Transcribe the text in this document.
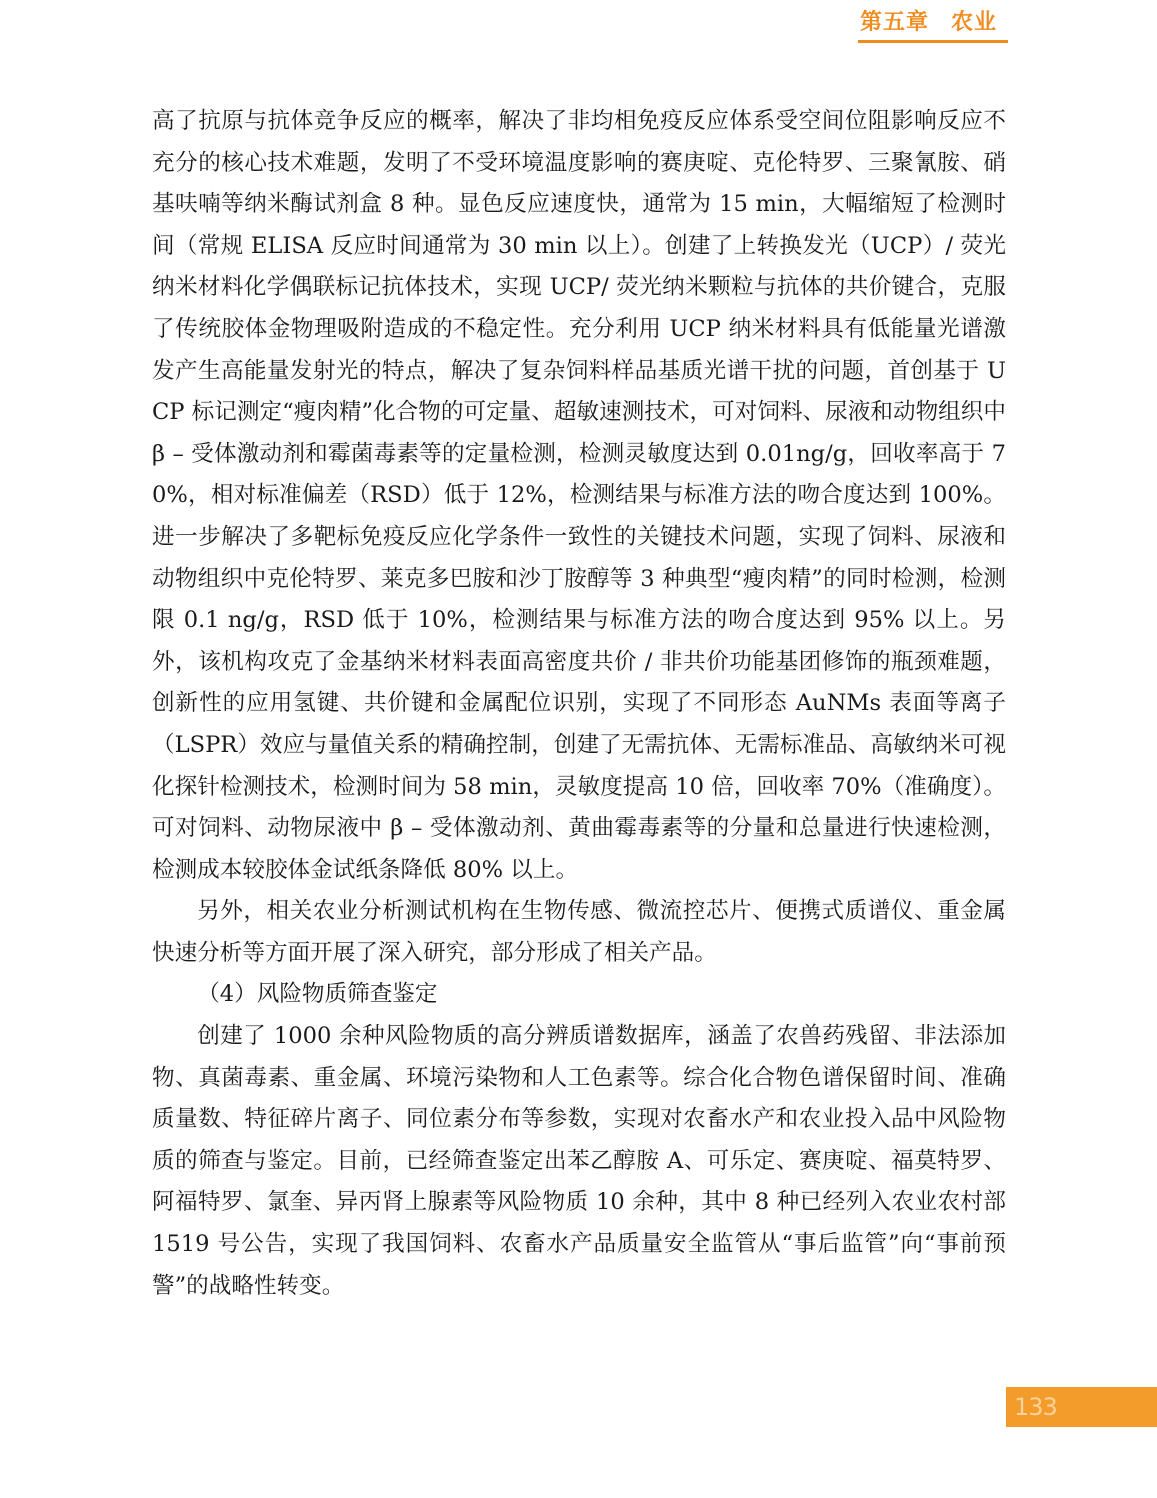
第五章 农业

高了抗原与抗体竞争反应的概率，解决了非均相免疫反应体系受空间位阻影响反应不充分的核心技术难题，发明了不受环境温度影响的赛庚啶、克伦特罗、三聚氰胺、硝基呋喃等纳米酶试剂盒 8 种。显色反应速度快，通常为 15 min，大幅缩短了检测时间（常规 ELISA 反应时间通常为 30 min 以上）。创建了上转换发光（UCP）/ 荧光纳米材料化学偶联标记抗体技术，实现 UCP/ 荧光纳米颗粒与抗体的共价键合，克服了传统胶体金物理吸附造成的不稳定性。充分利用 UCP 纳米材料具有低能量光谱激发产生高能量发射光的特点，解决了复杂饲料样品基质光谱干扰的问题，首创基于 UCP 标记测定“瘦肉精”化合物的可定量、超敏速测技术，可对饲料、尿液和动物组织中 β – 受体激动剂和霉菌毒素等的定量检测，检测灵敏度达到 0.01ng/g，回收率高于 70%，相对标准偏差（RSD）低于 12%，检测结果与标准方法的吻合度达到 100%。进一步解决了多靶标免疫反应化学条件一致性的关键技术问题，实现了饲料、尿液和动物组织中克伦特罗、莱克多巴胺和沙丁胺醇等 3 种典型“瘦肉精”的同时检测，检测限 0.1 ng/g，RSD 低于 10%，检测结果与标准方法的吻合度达到 95% 以上。另外，该机构攻克了金基纳米材料表面高密度共价 / 非共价功能基团修饰的瓶颈难题，创新性的应用氢键、共价键和金属配位识别，实现了不同形态 AuNMs 表面等离子（LSPR）效应与量值关系的精确控制，创建了无需抗体、无需标准品、高敏纳米可视化探针检测技术，检测时间为 58 min，灵敏度提高 10 倍，回收率 70%（准确度）。可对饲料、动物尿液中 β – 受体激动剂、黄曲霉毒素等的分量和总量进行快速检测，检测成本较胶体金试纸条降低 80% 以上。

另外，相关农业分析测试机构在生物传感、微流控芯片、便携式质谱仪、重金属快速分析等方面开展了深入研究，部分形成了相关产品。

（4）风险物质筛查鉴定

创建了 1000 余种风险物质的高分辨质谱数据库，涵盖了农兽药残留、非法添加物、真菌毒素、重金属、环境污染物和人工色素等。综合化合物色谱保留时间、准确质量数、特征碎片离子、同位素分布等参数，实现对农畜水产和农业投入品中风险物质的筛查与鉴定。目前，已经筛查鉴定出苯乙醇胺 A、可乐定、赛庚啶、福莫特罗、阿福特罗、氯奎、异丙肾上腺素等风险物质 10 余种，其中 8 种已经列入农业农村部 1519 号公告，实现了我国饲料、农畜水产品质量安全监管从“事后监管”向“事前预警”的战略性转变。

133
